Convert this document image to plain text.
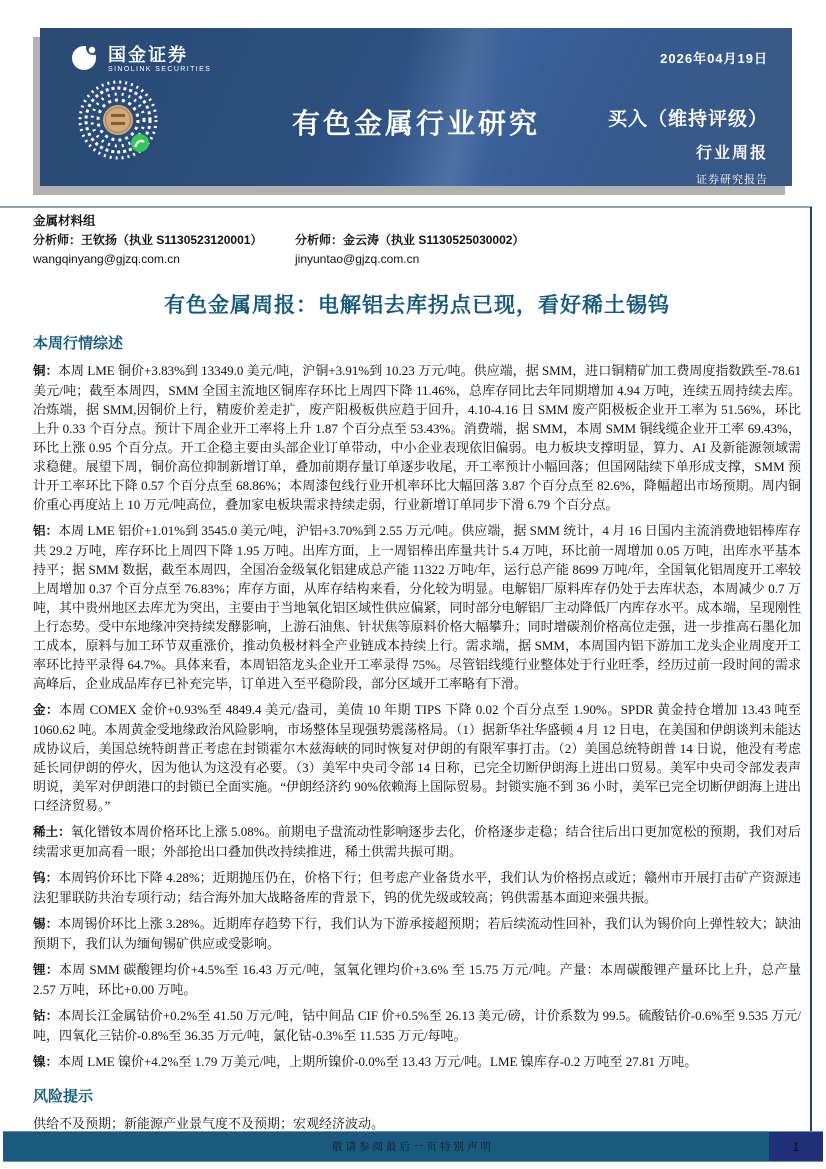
国金证券
SINOLINK SECURITIES
2026年04月19日
有色金属行业研究	买入（维持评级）
行业周报
证券研究报告
金属材料组
分析师：王钦扬（执业 S1130523120001）	分析师：金云涛（执业 S1130525030002）
wangqinyang@gjzq.com.cn	jinyuntao@gjzq.com.cn
有色金属周报：电解铝去库拐点已现，看好稀土锡钨
本周行情综述

铜：本周 LME 铜价+3.83%到 13349.0 美元/吨，沪铜+3.91%到 10.23 万元/吨。供应端，据 SMM，进口铜精矿加工费周度指数跌至-78.61 美元/吨；截至本周四，SMM 全国主流地区铜库存环比上周四下降 11.46%，总库存同比去年同期增加 4.94 万吨，连续五周持续去库。冶炼端，据 SMM,因铜价上行，精废价差走扩，废产阳极板供应趋于回升，4.10-4.16 日 SMM 废产阳极板企业开工率为 51.56%，环比上升 0.33 个百分点。预计下周企业开工率将上升 1.87 个百分点至 53.43%。消费端，据 SMM，本周 SMM 铜线缆企业开工率 69.43%，环比上涨 0.95 个百分点。开工企稳主要由头部企业订单带动，中小企业表现依旧偏弱。电力板块支撑明显，算力、AI 及新能源领域需求稳健。展望下周，铜价高位抑制新增订单，叠加前期存量订单逐步收尾，开工率预计小幅回落；但国网陆续下单形成支撑，SMM 预计开工率环比下降 0.57 个百分点至 68.86%；本周漆包线行业开机率环比大幅回落 3.87 个百分点至 82.6%，降幅超出市场预期。周内铜价重心再度站上 10 万元/吨高位，叠加家电板块需求持续走弱，行业新增订单同步下滑 6.79 个百分点。

铝：本周 LME 铝价+1.01%到 3545.0 美元/吨，沪铝+3.70%到 2.55 万元/吨。供应端，据 SMM 统计，4 月 16 日国内主流消费地铝棒库存共 29.2 万吨，库存环比上周四下降 1.95 万吨。出库方面，上一周铝棒出库量共计 5.4 万吨，环比前一周增加 0.05 万吨，出库水平基本持平；据 SMM 数据，截至本周四，全国冶金级氧化铝建成总产能 11322 万吨/年，运行总产能 8699 万吨/年，全国氧化铝周度开工率较上周增加 0.37 个百分点至 76.83%；库存方面，从库存结构来看，分化较为明显。电解铝厂原料库存仍处于去库状态，本周减少 0.7 万吨，其中贵州地区去库尤为突出，主要由于当地氧化铝区域性供应偏紧，同时部分电解铝厂主动降低厂内库存水平。成本端，呈现刚性上行态势。受中东地缘冲突持续发酵影响，上游石油焦、针状焦等原料价格大幅攀升；同时增碳剂价格高位走强，进一步推高石墨化加工成本，原料与加工环节双重涨价，推动负极材料全产业链成本持续上行。需求端，据 SMM，本周国内铝下游加工龙头企业周度开工率环比持平录得 64.7%。具体来看，本周铝箔龙头企业开工率录得 75%。尽管铝线缆行业整体处于行业旺季，经历过前一段时间的需求高峰后，企业成品库存已补充完毕，订单进入至平稳阶段，部分区域开工率略有下滑。

金：本周 COMEX 金价+0.93%至 4849.4 美元/盎司，美债 10 年期 TIPS 下降 0.02 个百分点至 1.90%。SPDR 黄金持仓增加 13.43 吨至 1060.62 吨。本周黄金受地缘政治风险影响，市场整体呈现强势震荡格局。（1）据新华社华盛顿 4 月 12 日电，在美国和伊朗谈判未能达成协议后，美国总统特朗普正考虑在封锁霍尔木兹海峡的同时恢复对伊朗的有限军事打击。（2）美国总统特朗普 14 日说，他没有考虑延长同伊朗的停火，因为他认为这没有必要。（3）美军中央司令部 14 日称，已完全切断伊朗海上进出口贸易。美军中央司令部发表声明说，美军对伊朗港口的封锁已全面实施。“伊朗经济约 90%依赖海上国际贸易。封锁实施不到 36 小时，美军已完全切断伊朗海上进出口经济贸易。”

稀土：氧化镨钕本周价格环比上涨 5.08%。前期电子盘流动性影响逐步去化，价格逐步走稳；结合往后出口更加宽松的预期，我们对后续需求更加高看一眼；外部抢出口叠加供改持续推进，稀土供需共振可期。

钨：本周钨价环比下降 4.28%；近期抛压仍在，价格下行；但考虑产业备货水平，我们认为价格拐点或近；赣州市开展打击矿产资源违法犯罪联防共治专项行动；结合海外加大战略备库的背景下，钨的优先级或较高；钨供需基本面迎来强共振。

锡：本周锡价环比上涨 3.28%。近期库存趋势下行，我们认为下游承接超预期；若后续流动性回补，我们认为锡价向上弹性较大；缺油预期下，我们认为缅甸锡矿供应或受影响。

锂：本周 SMM 碳酸锂均价+4.5%至 16.43 万元/吨，氢氧化锂均价+3.6% 至 15.75 万元/吨。产量：本周碳酸锂产量环比上升，总产量 2.57 万吨，环比+0.00 万吨。

钴：本周长江金属钴价+0.2%至 41.50 万元/吨，钴中间品 CIF 价+0.5%至 26.13 美元/磅，计价系数为 99.5。硫酸钴价-0.6%至 9.535 万元/吨，四氧化三钴价-0.8%至 36.35 万元/吨，氯化钴-0.3%至 11.535 万元/每吨。

镍：本周 LME 镍价+4.2%至 1.79 万美元/吨，上期所镍价-0.0%至 13.43 万元/吨。LME 镍库存-0.2 万吨至 27.81 万吨。

风险提示

供给不及预期；新能源产业景气度不及预期；宏观经济波动。

敬请参阅最后一页特别声明	1
